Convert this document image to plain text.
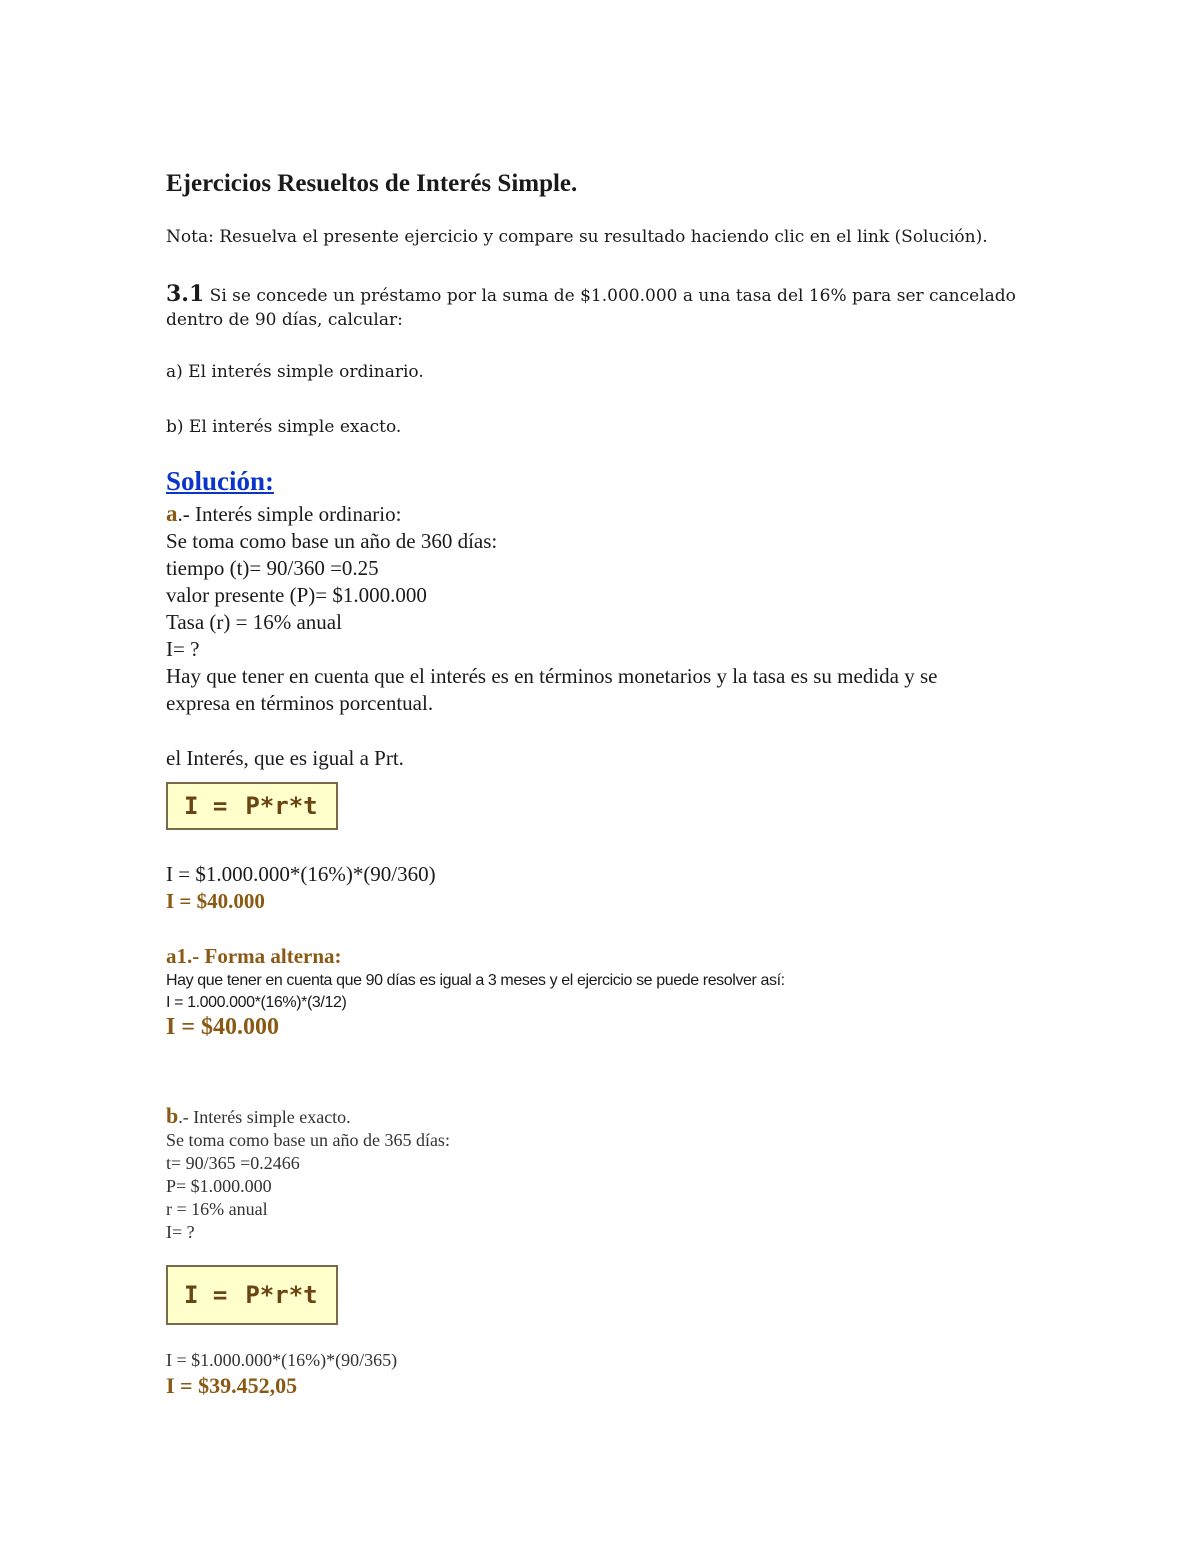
Ejercicios Resueltos de Interés Simple.
Nota: Resuelva el presente ejercicio y compare su resultado haciendo clic en el link (Solución).
3.1 Si se concede un préstamo por la suma de $1.000.000 a una tasa del 16% para ser cancelado
dentro de 90 días, calcular:
a) El interés simple ordinario.
b) El interés simple exacto.
Solución:
a.- Interés simple ordinario:
Se toma como base un año de 360 días:
tiempo (t)= 90/360 =0.25
valor presente (P)= $1.000.000
Tasa (r) = 16% anual
I= ?
Hay que tener en cuenta que el interés es en términos monetarios y la tasa es su medida y se
expresa en términos porcentual.
el Interés, que es igual a Prt.
I = P*r*t
I = $1.000.000*(16%)*(90/360)
I = $40.000
a1.- Forma alterna:
Hay que tener en cuenta que 90 días es igual a 3 meses y el ejercicio se puede resolver así:
I = 1.000.000*(16%)*(3/12)
I = $40.000
b.- Interés simple exacto.
Se toma como base un año de 365 días:
t= 90/365 =0.2466
P= $1.000.000
r = 16% anual
I= ?
I = P*r*t
I = $1.000.000*(16%)*(90/365)
I = $39.452,05
